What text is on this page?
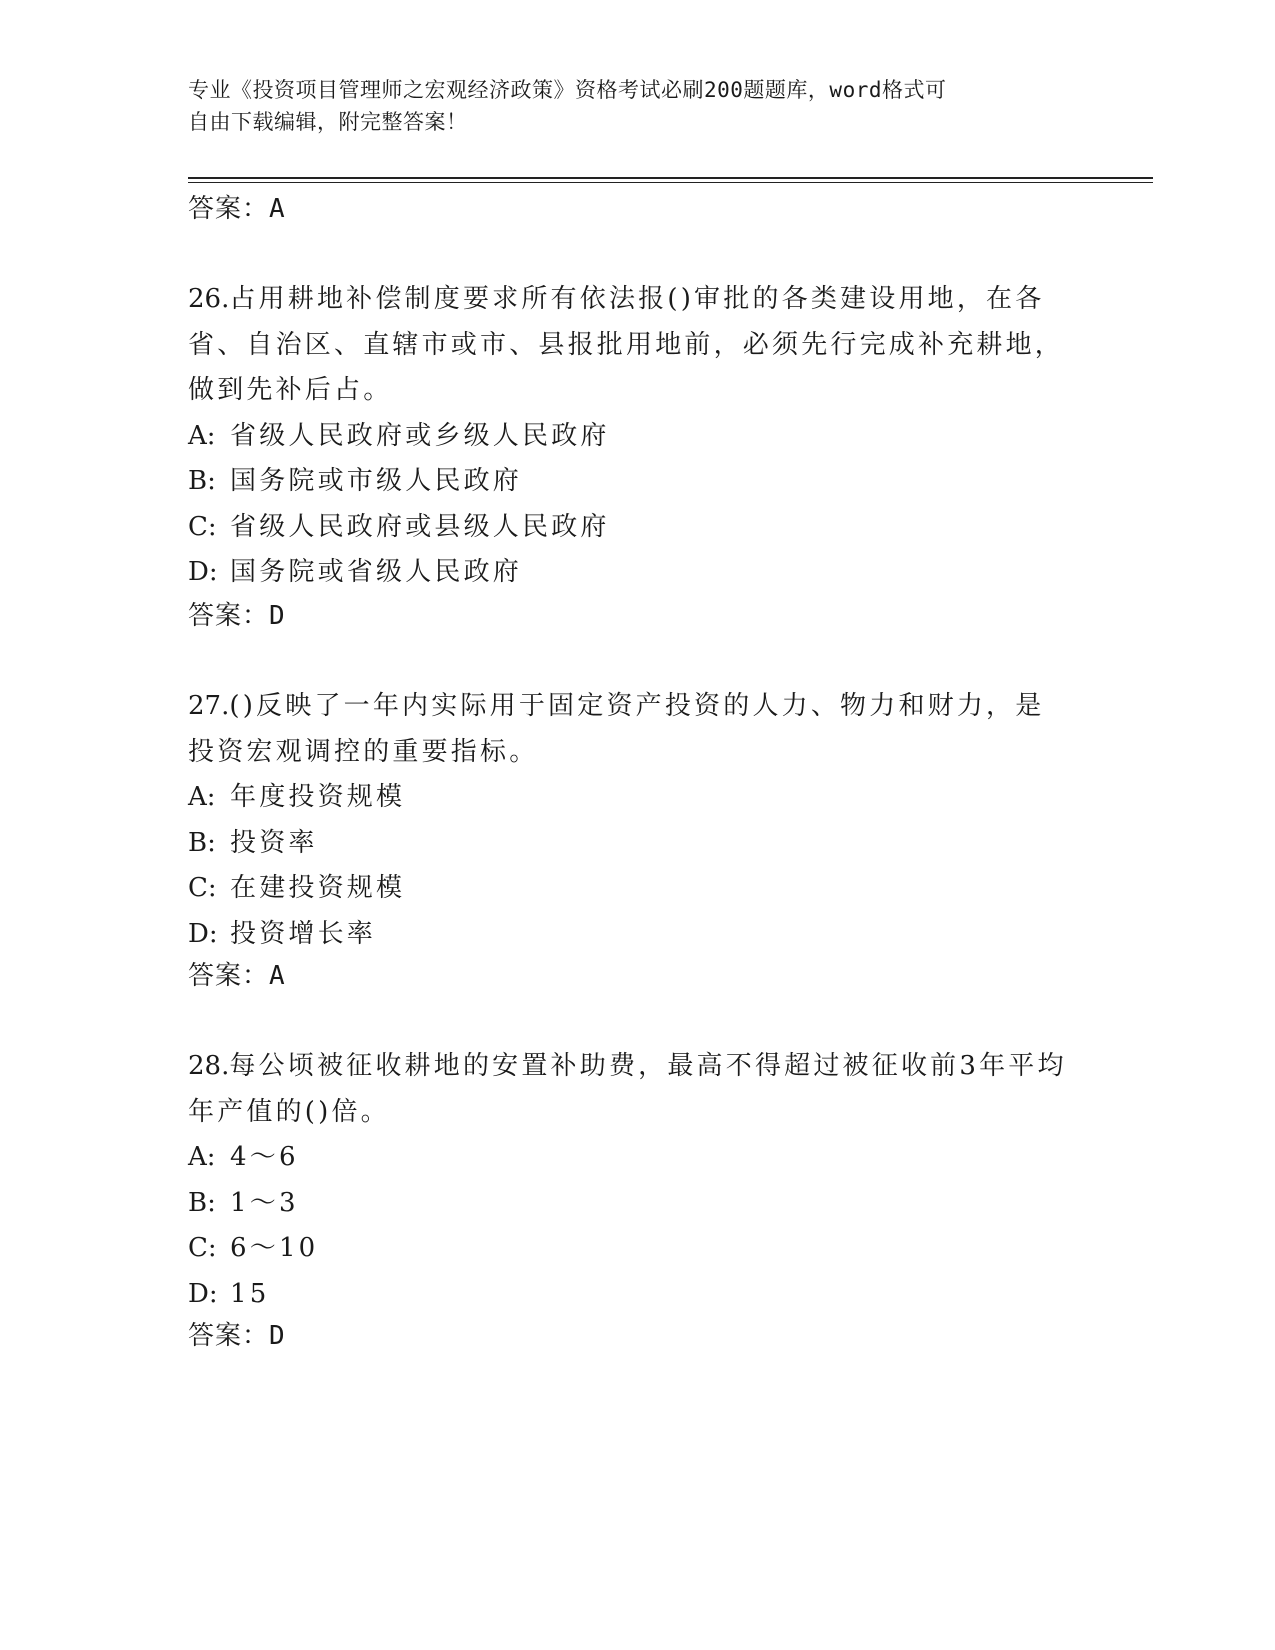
专业《投资项目管理师之宏观经济政策》资格考试必刷200题题库，word格式可
自由下载编辑，附完整答案！

答案：A

26.占用耕地补偿制度要求所有依法报()审批的各类建设用地，在各省、自治区、直辖市或市、县报批用地前，必须先行完成补充耕地，做到先补后占。

A: 省级人民政府或乡级人民政府

B: 国务院或市级人民政府

C: 省级人民政府或县级人民政府

D: 国务院或省级人民政府

答案：D

27.()反映了一年内实际用于固定资产投资的人力、物力和财力，是投资宏观调控的重要指标。

A: 年度投资规模

B: 投资率

C: 在建投资规模

D: 投资增长率

答案：A

28.每公顷被征收耕地的安置补助费，最高不得超过被征收前3年平均年产值的()倍。

A: 4～6

B: 1～3

C: 6～10

D: 15

答案：D
